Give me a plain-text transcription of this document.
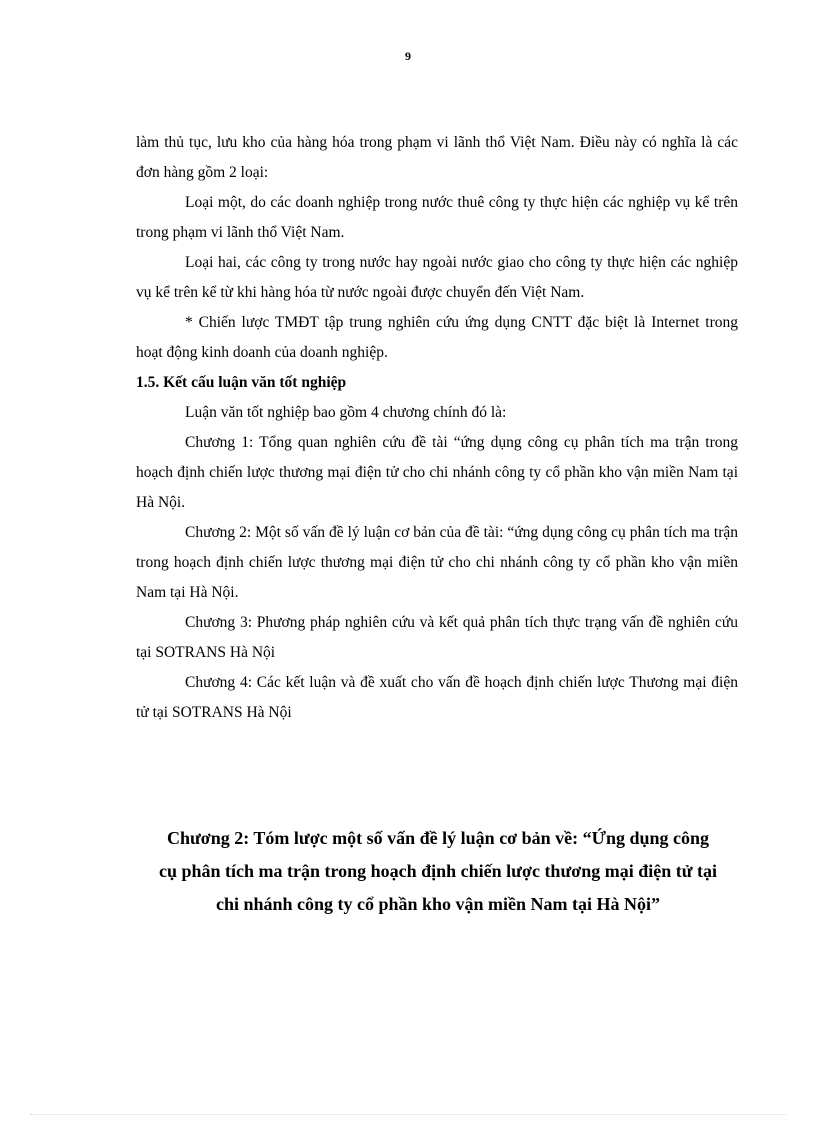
9

làm thủ tục, lưu kho của hàng hóa trong phạm vi lãnh thổ Việt Nam. Điều này có nghĩa là các đơn hàng gồm 2 loại:

Loại một, do các doanh nghiệp trong nước thuê công ty thực hiện các nghiệp vụ kể trên trong phạm vi lãnh thổ Việt Nam.

Loại hai, các công ty trong nước hay ngoài nước giao cho công ty thực hiện các nghiệp vụ kể trên kể từ khi hàng hóa từ nước ngoài được chuyển đến Việt Nam.

* Chiến lược TMĐT tập trung nghiên cứu ứng dụng CNTT đặc biệt là Internet trong hoạt động kinh doanh của doanh nghiệp.

1.5. Kết cấu luận văn tốt nghiệp

Luận văn tốt nghiệp bao gồm 4 chương chính đó là:

Chương 1: Tổng quan nghiên cứu đề tài “ứng dụng công cụ phân tích ma trận trong hoạch định chiến lược thương mại điện tử cho chi nhánh công ty cổ phần kho vận miền Nam tại Hà Nội.

Chương 2: Một số vấn đề lý luận cơ bản của đề tài: “ứng dụng công cụ phân tích ma trận trong hoạch định chiến lược thương mại điện tử cho chi nhánh công ty cổ phần kho vận miền Nam tại Hà Nội.

Chương 3: Phương pháp nghiên cứu và kết quả phân tích thực trạng vấn đề nghiên cứu tại SOTRANS Hà Nội

Chương 4: Các kết luận và đề xuất cho vấn đề hoạch định chiến lược Thương mại điện tử tại SOTRANS Hà Nội

Chương 2: Tóm lược một số vấn đề lý luận cơ bản về: “Ứng dụng công
cụ phân tích ma trận trong hoạch định chiến lược thương mại điện tử tại
chi nhánh công ty cổ phần kho vận miền Nam tại Hà Nội”
